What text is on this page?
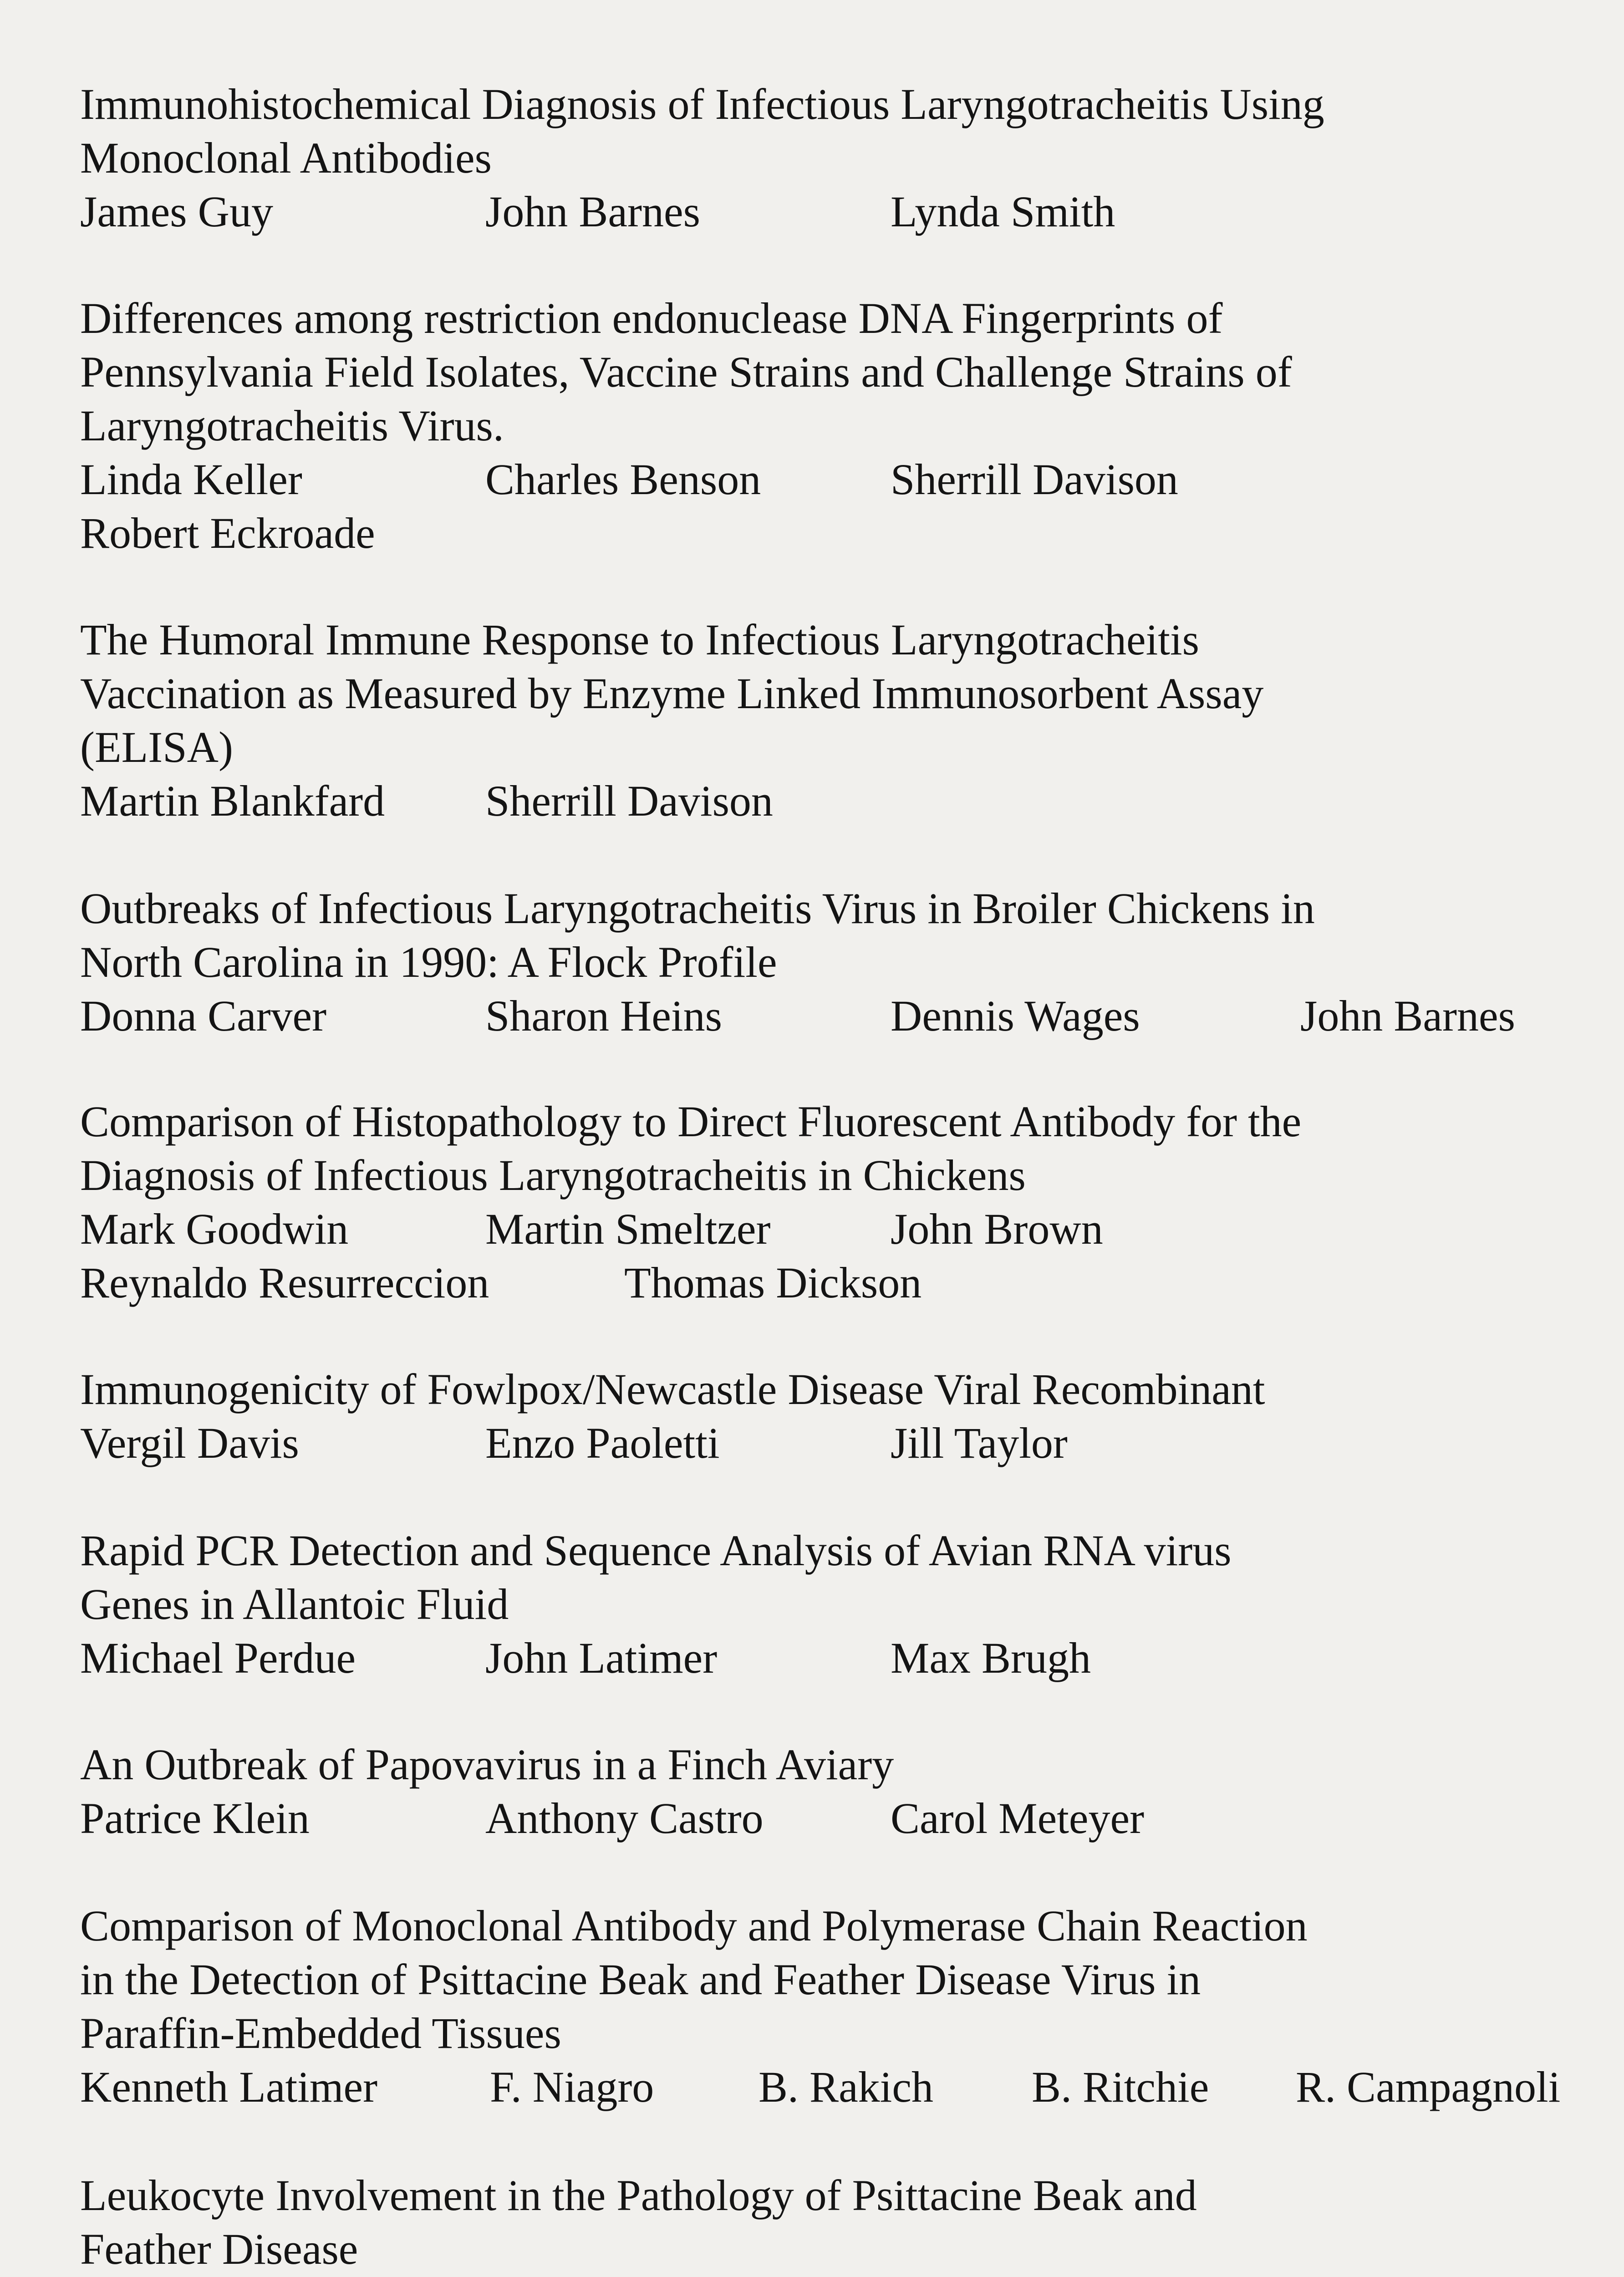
Immunohistochemical Diagnosis of Infectious Laryngotracheitis Using

Monoclonal Antibodies

James Guy	John Barnes	Lynda Smith

Differences among restriction endonuclease DNA Fingerprints of

Pennsylvania Field Isolates, Vaccine Strains and Challenge Strains of

Laryngotracheitis Virus.

Linda Keller	Charles Benson	Sherrill Davison
Robert Eckroade

The Humoral Immune Response to Infectious Laryngotracheitis

Vaccination as Measured by Enzyme Linked Immunosorbent Assay

(ELISA)

Martin Blankfard Sherrill Davison

Outbreaks of Infectious Laryngotracheitis Virus in Broiler Chickens in

North Carolina in 1990: A Flock Profile

Donna Carver	Sharon Heins	Dennis Wages	John Barnes

Comparison of Histopathology to Direct Fluorescent Antibody for the

Diagnosis of Infectious Laryngotracheitis in Chickens

Mark Goodwin	Martin Smeltzer	John Brown
Reynaldo Resurreccion	Thomas Dickson

Immunogenicity of Fowlpox/Newcastle Disease Viral Recombinant

Vergil Davis	Enzo Paoletti	Jill Taylor

Rapid PCR Detection and Sequence Analysis of Avian RNA virus

Genes in Allantoic Fluid

Michael Perdue	John Latimer	Max Brugh

An Outbreak of Papovavirus in a Finch Aviary

Patrice Klein	Anthony Castro	Carol Meteyer

Comparison of Monoclonal Antibody and Polymerase Chain Reaction

in the Detection of Psittacine Beak and Feather Disease Virus in

Paraffin-Embedded Tissues

Kenneth Latimer	F. Niagro B. Rakich B. Ritchie R. Campagnoli

Leukocyte Involvement in the Pathology of Psittacine Beak and

Feather Disease
